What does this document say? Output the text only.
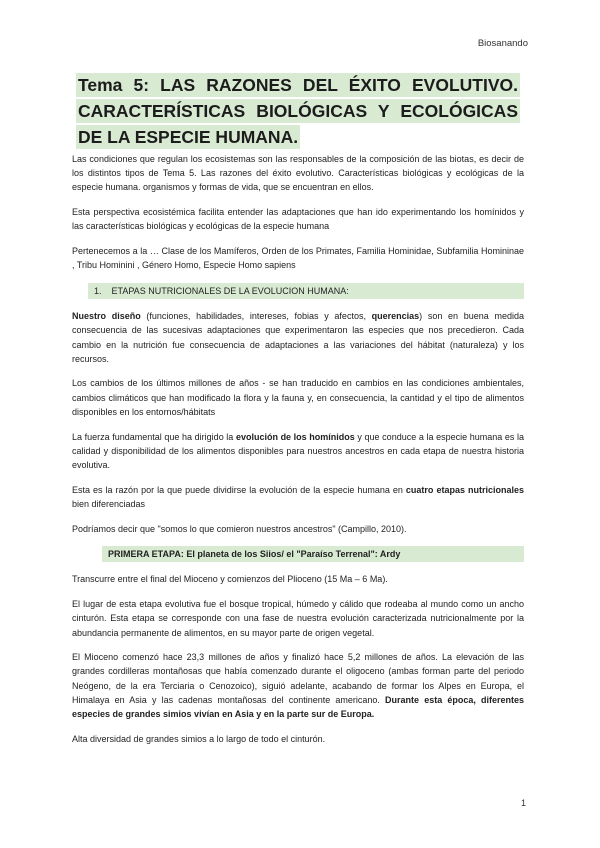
Biosanando
Tema 5: LAS RAZONES DEL ÉXITO EVOLUTIVO. CARACTERÍSTICAS BIOLÓGICAS Y ECOLÓGICAS DE LA ESPECIE HUMANA.

Las condiciones que regulan los ecosistemas son las responsables de la composición de las biotas, es decir de los distintos tipos de Tema 5. Las razones del éxito evolutivo. Características biológicas y ecológicas de la especie humana. organismos y formas de vida, que se encuentran en ellos.

Esta perspectiva ecosistémica facilita entender las adaptaciones que han ido experimentando los homínidos y las características biológicas y ecológicas de la especie humana

Pertenecemos a la … Clase de los Mamíferos, Orden de los Primates, Familia Hominidae, Subfamilia Homininae , Tribu Hominini , Género Homo, Especie Homo sapiens

1. ETAPAS NUTRICIONALES DE LA EVOLUCION HUMANA:

Nuestro diseño (funciones, habilidades, intereses, fobias y afectos, querencias) son en buena medida consecuencia de las sucesivas adaptaciones que experimentaron las especies que nos precedieron. Cada cambio en la nutrición fue consecuencia de adaptaciones a las variaciones del hábitat (naturaleza) y los recursos.

Los cambios de los últimos millones de años - se han traducido en cambios en las condiciones ambientales, cambios climáticos que han modificado la flora y la fauna y, en consecuencia, la cantidad y el tipo de alimentos disponibles en los entornos/hábitats

La fuerza fundamental que ha dirigido la evolución de los homínidos y que conduce a la especie humana es la calidad y disponibilidad de los alimentos disponibles para nuestros ancestros en cada etapa de nuestra historia evolutiva.

Esta es la razón por la que puede dividirse la evolución de la especie humana en cuatro etapas nutricionales bien diferenciadas

Podríamos decir que "somos lo que comieron nuestros ancestros" (Campillo, 2010).

PRIMERA ETAPA: El planeta de los Siios/ el "Paraíso Terrenal": Ardy

Transcurre entre el final del Mioceno y comienzos del Plioceno (15 Ma – 6 Ma).

El lugar de esta etapa evolutiva fue el bosque tropical, húmedo y cálido que rodeaba al mundo como un ancho cinturón. Esta etapa se corresponde con una fase de nuestra evolución caracterizada nutricionalmente por la abundancia permanente de alimentos, en su mayor parte de origen vegetal.

El Mioceno comenzó hace 23,3 millones de años y finalizó hace 5,2 millones de años. La elevación de las grandes cordilleras montañosas que había comenzado durante el oligoceno (ambas forman parte del periodo Neógeno, de la era Terciaria o Cenozoico), siguió adelante, acabando de formar los Alpes en Europa, el Himalaya en Asia y las cadenas montañosas del continente americano. Durante esta época, diferentes especies de grandes simios vivían en Asia y en la parte sur de Europa.

Alta diversidad de grandes simios a lo largo de todo el cinturón.

1
